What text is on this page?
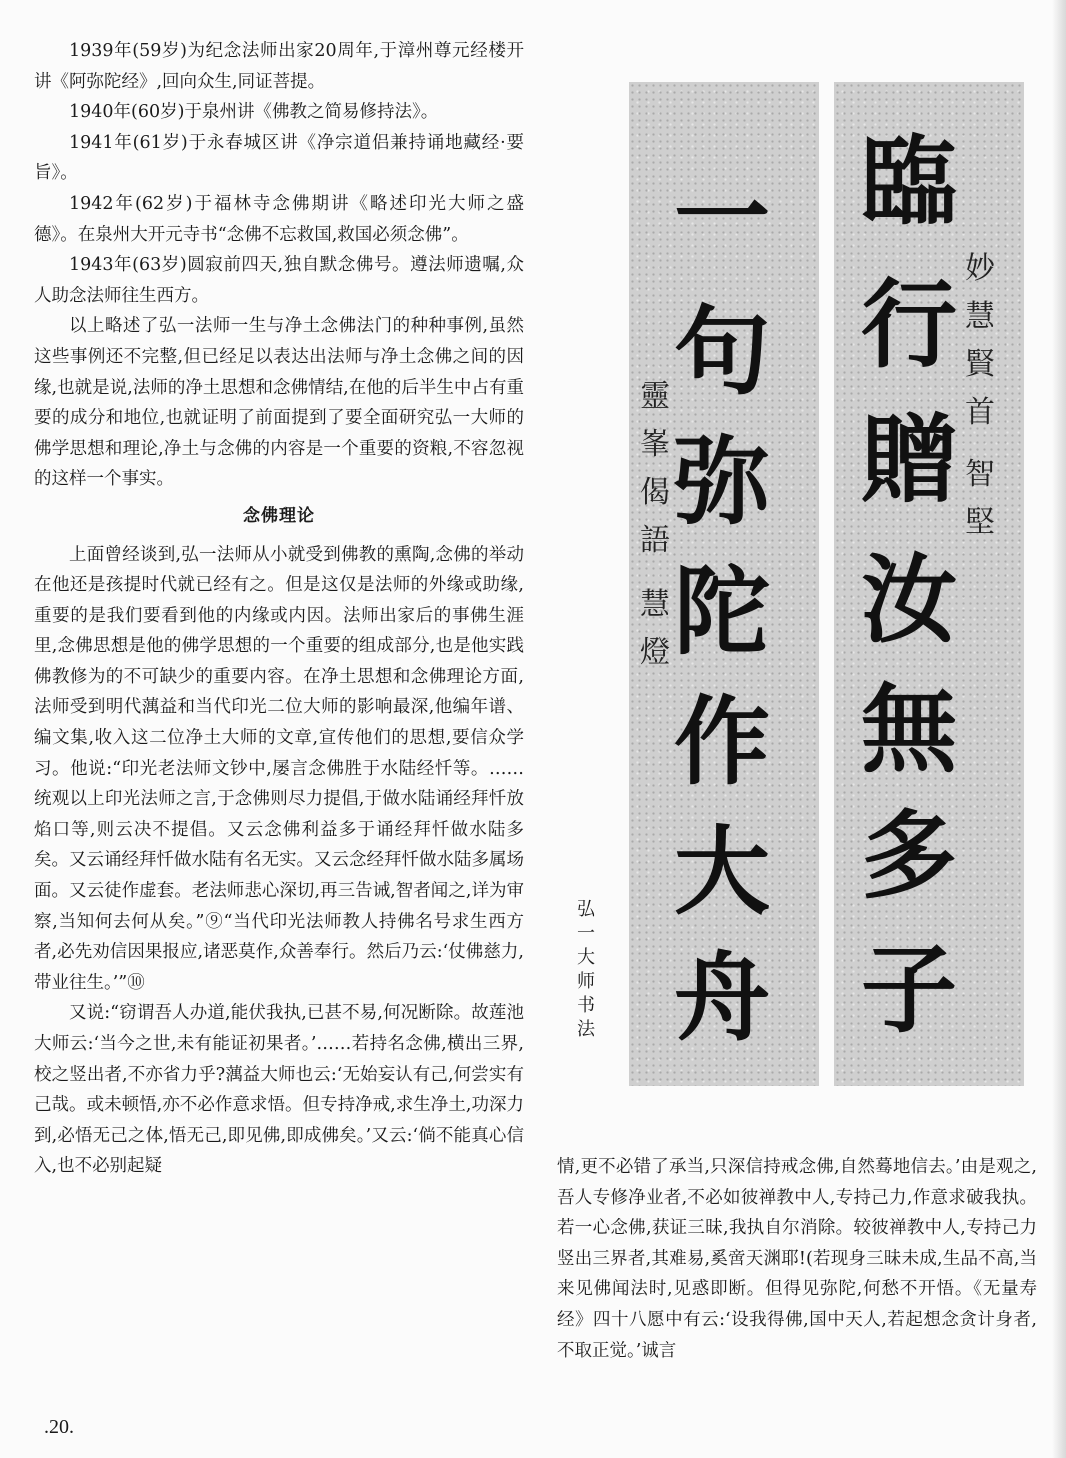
1939年(59岁)为纪念法师出家20周年,于漳州尊元经楼开讲《阿弥陀经》,回向众生,同证菩提。

1940年(60岁)于泉州讲《佛教之简易修持法》。

1941年(61岁)于永春城区讲《净宗道侣兼持诵地藏经·要旨》。

1942年(62岁)于福林寺念佛期讲《略述印光大师之盛德》。在泉州大开元寺书“念佛不忘救国,救国必须念佛”。

1943年(63岁)圆寂前四天,独自默念佛号。遵法师遗嘱,众人助念法师往生西方。

以上略述了弘一法师一生与净土念佛法门的种种事例,虽然这些事例还不完整,但已经足以表达出法师与净土念佛之间的因缘,也就是说,法师的净土思想和念佛情结,在他的后半生中占有重要的成分和地位,也就证明了前面提到了要全面研究弘一大师的佛学思想和理论,净土与念佛的内容是一个重要的资粮,不容忽视的这样一个事实。

念佛理论

上面曾经谈到,弘一法师从小就受到佛教的熏陶,念佛的举动在他还是孩提时代就已经有之。但是这仅是法师的外缘或助缘,重要的是我们要看到他的内缘或内因。法师出家后的事佛生涯里,念佛思想是他的佛学思想的一个重要的组成部分,也是他实践佛教修为的不可缺少的重要内容。在净土思想和念佛理论方面,法师受到明代蕅益和当代印光二位大师的影响最深,他编年谱、编文集,收入这二位净土大师的文章,宣传他们的思想,要信众学习。他说:“印光老法师文钞中,屡言念佛胜于水陆经忏等。……统观以上印光法师之言,于念佛则尽力提倡,于做水陆诵经拜忏放焰口等,则云决不提倡。又云念佛利益多于诵经拜忏做水陆多矣。又云诵经拜忏做水陆有名无实。又云念经拜忏做水陆多属场面。又云徒作虚套。老法师悲心深切,再三告诫,智者闻之,详为审察,当知何去何从矣。”⑨“当代印光法师教人持佛名号求生西方者,必先劝信因果报应,诸恶莫作,众善奉行。然后乃云:‘仗佛慈力,带业往生。’”⑩

又说:“窃谓吾人办道,能伏我执,已甚不易,何况断除。故莲池大师云:‘当今之世,未有能证初果者。’……若持名念佛,横出三界,校之竖出者,不亦省力乎?蕅益大师也云:‘无始妄认有己,何尝实有己哉。或未顿悟,亦不必作意求悟。但专持净戒,求生净土,功深力到,必悟无己之体,悟无己,即见佛,即成佛矣。’又云:‘倘不能真心信入,也不必别起疑

一
句
弥
陀
作
大
舟
靈
峯
偈
語
慧
燈
臨
行
贈
汝
無
多
子
妙
慧
賢
首
智
堅
弘
一
大
师
书
法

情,更不必错了承当,只深信持戒念佛,自然蓦地信去。’由是观之,吾人专修净业者,不必如彼禅教中人,专持己力,作意求破我执。若一心念佛,获证三昧,我执自尔消除。较彼禅教中人,专持己力竖出三界者,其难易,奚啻天渊耶!(若现身三昧未成,生品不高,当来见佛闻法时,见惑即断。但得见弥陀,何愁不开悟。《无量寿经》四十八愿中有云:‘设我得佛,国中天人,若起想念贪计身者,不取正觉。’诚言

.20.
